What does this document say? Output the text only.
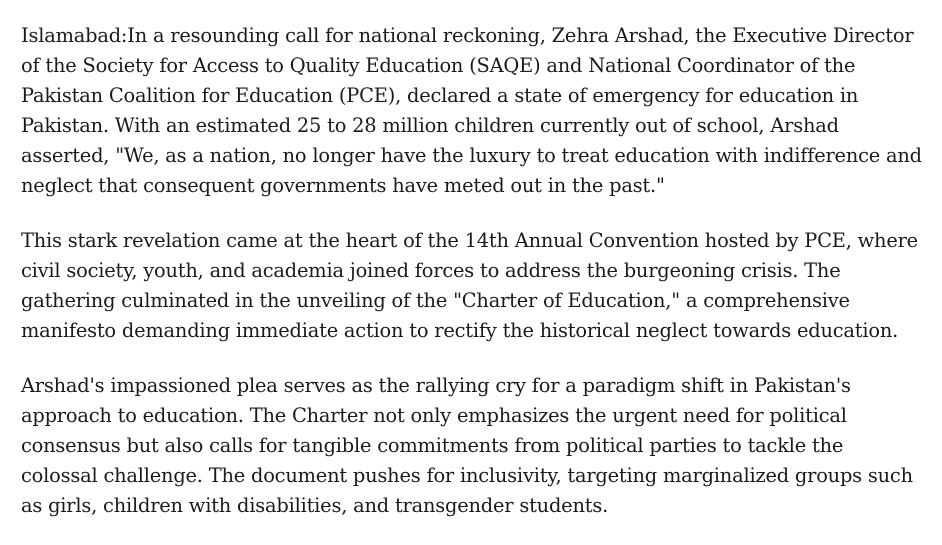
Islamabad:In a resounding call for national reckoning, Zehra Arshad, the Executive Director of the Society for Access to Quality Education (SAQE) and National Coordinator of the Pakistan Coalition for Education (PCE), declared a state of emergency for education in Pakistan. With an estimated 25 to 28 million children currently out of school, Arshad asserted, "We, as a nation, no longer have the luxury to treat education with indifference and neglect that consequent governments have meted out in the past."

This stark revelation came at the heart of the 14th Annual Convention hosted by PCE, where civil society, youth, and academia joined forces to address the burgeoning crisis. The gathering culminated in the unveiling of the "Charter of Education," a comprehensive manifesto demanding immediate action to rectify the historical neglect towards education.

Arshad's impassioned plea serves as the rallying cry for a paradigm shift in Pakistan's approach to education. The Charter not only emphasizes the urgent need for political consensus but also calls for tangible commitments from political parties to tackle the colossal challenge. The document pushes for inclusivity, targeting marginalized groups such as girls, children with disabilities, and transgender students.
